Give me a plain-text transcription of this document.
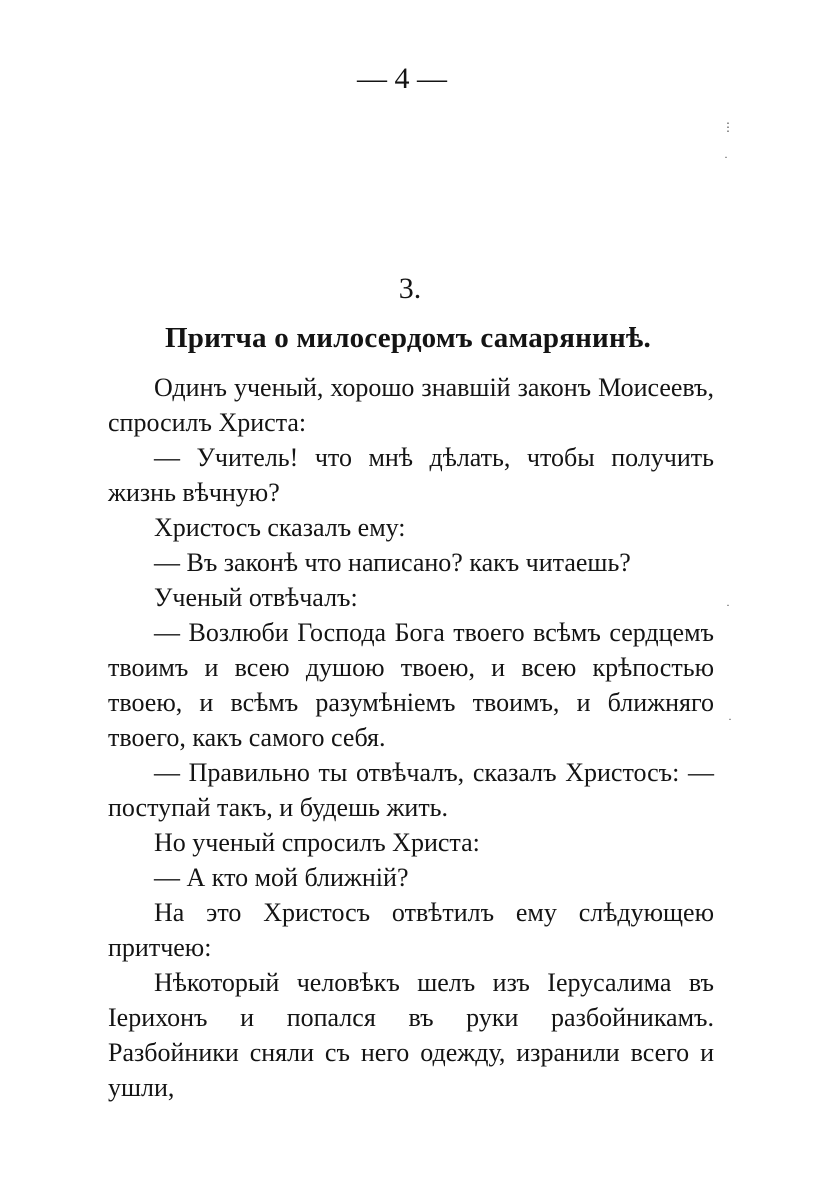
— 4 —
3.
Притча о милосердомъ самарянинѣ.

Одинъ ученый, хорошо знавшій законъ Моисеевъ, спросилъ Христа:

— Учитель! что мнѣ дѣлать, чтобы получить жизнь вѣчную?

Христосъ сказалъ ему:

— Въ законѣ что написано? какъ читаешь?

Ученый отвѣчалъ:

— Возлюби Господа Бога твоего всѣмъ сердцемъ твоимъ и всею душою твоею, и всею крѣпостью твоею, и всѣмъ разумѣніемъ твоимъ, и ближняго твоего, какъ самого себя.

— Правильно ты отвѣчалъ, сказалъ Христосъ: —поступай такъ, и будешь жить.

Но ученый спросилъ Христа:

— А кто мой ближній?

На это Христосъ отвѣтилъ ему слѣдующею притчею:

Нѣкоторый человѣкъ шелъ изъ Іерусалима въ Іерихонъ и попался въ руки разбойникамъ. Разбойники сняли съ него одежду, изранили всего и ушли,

⋮
·
·
·
